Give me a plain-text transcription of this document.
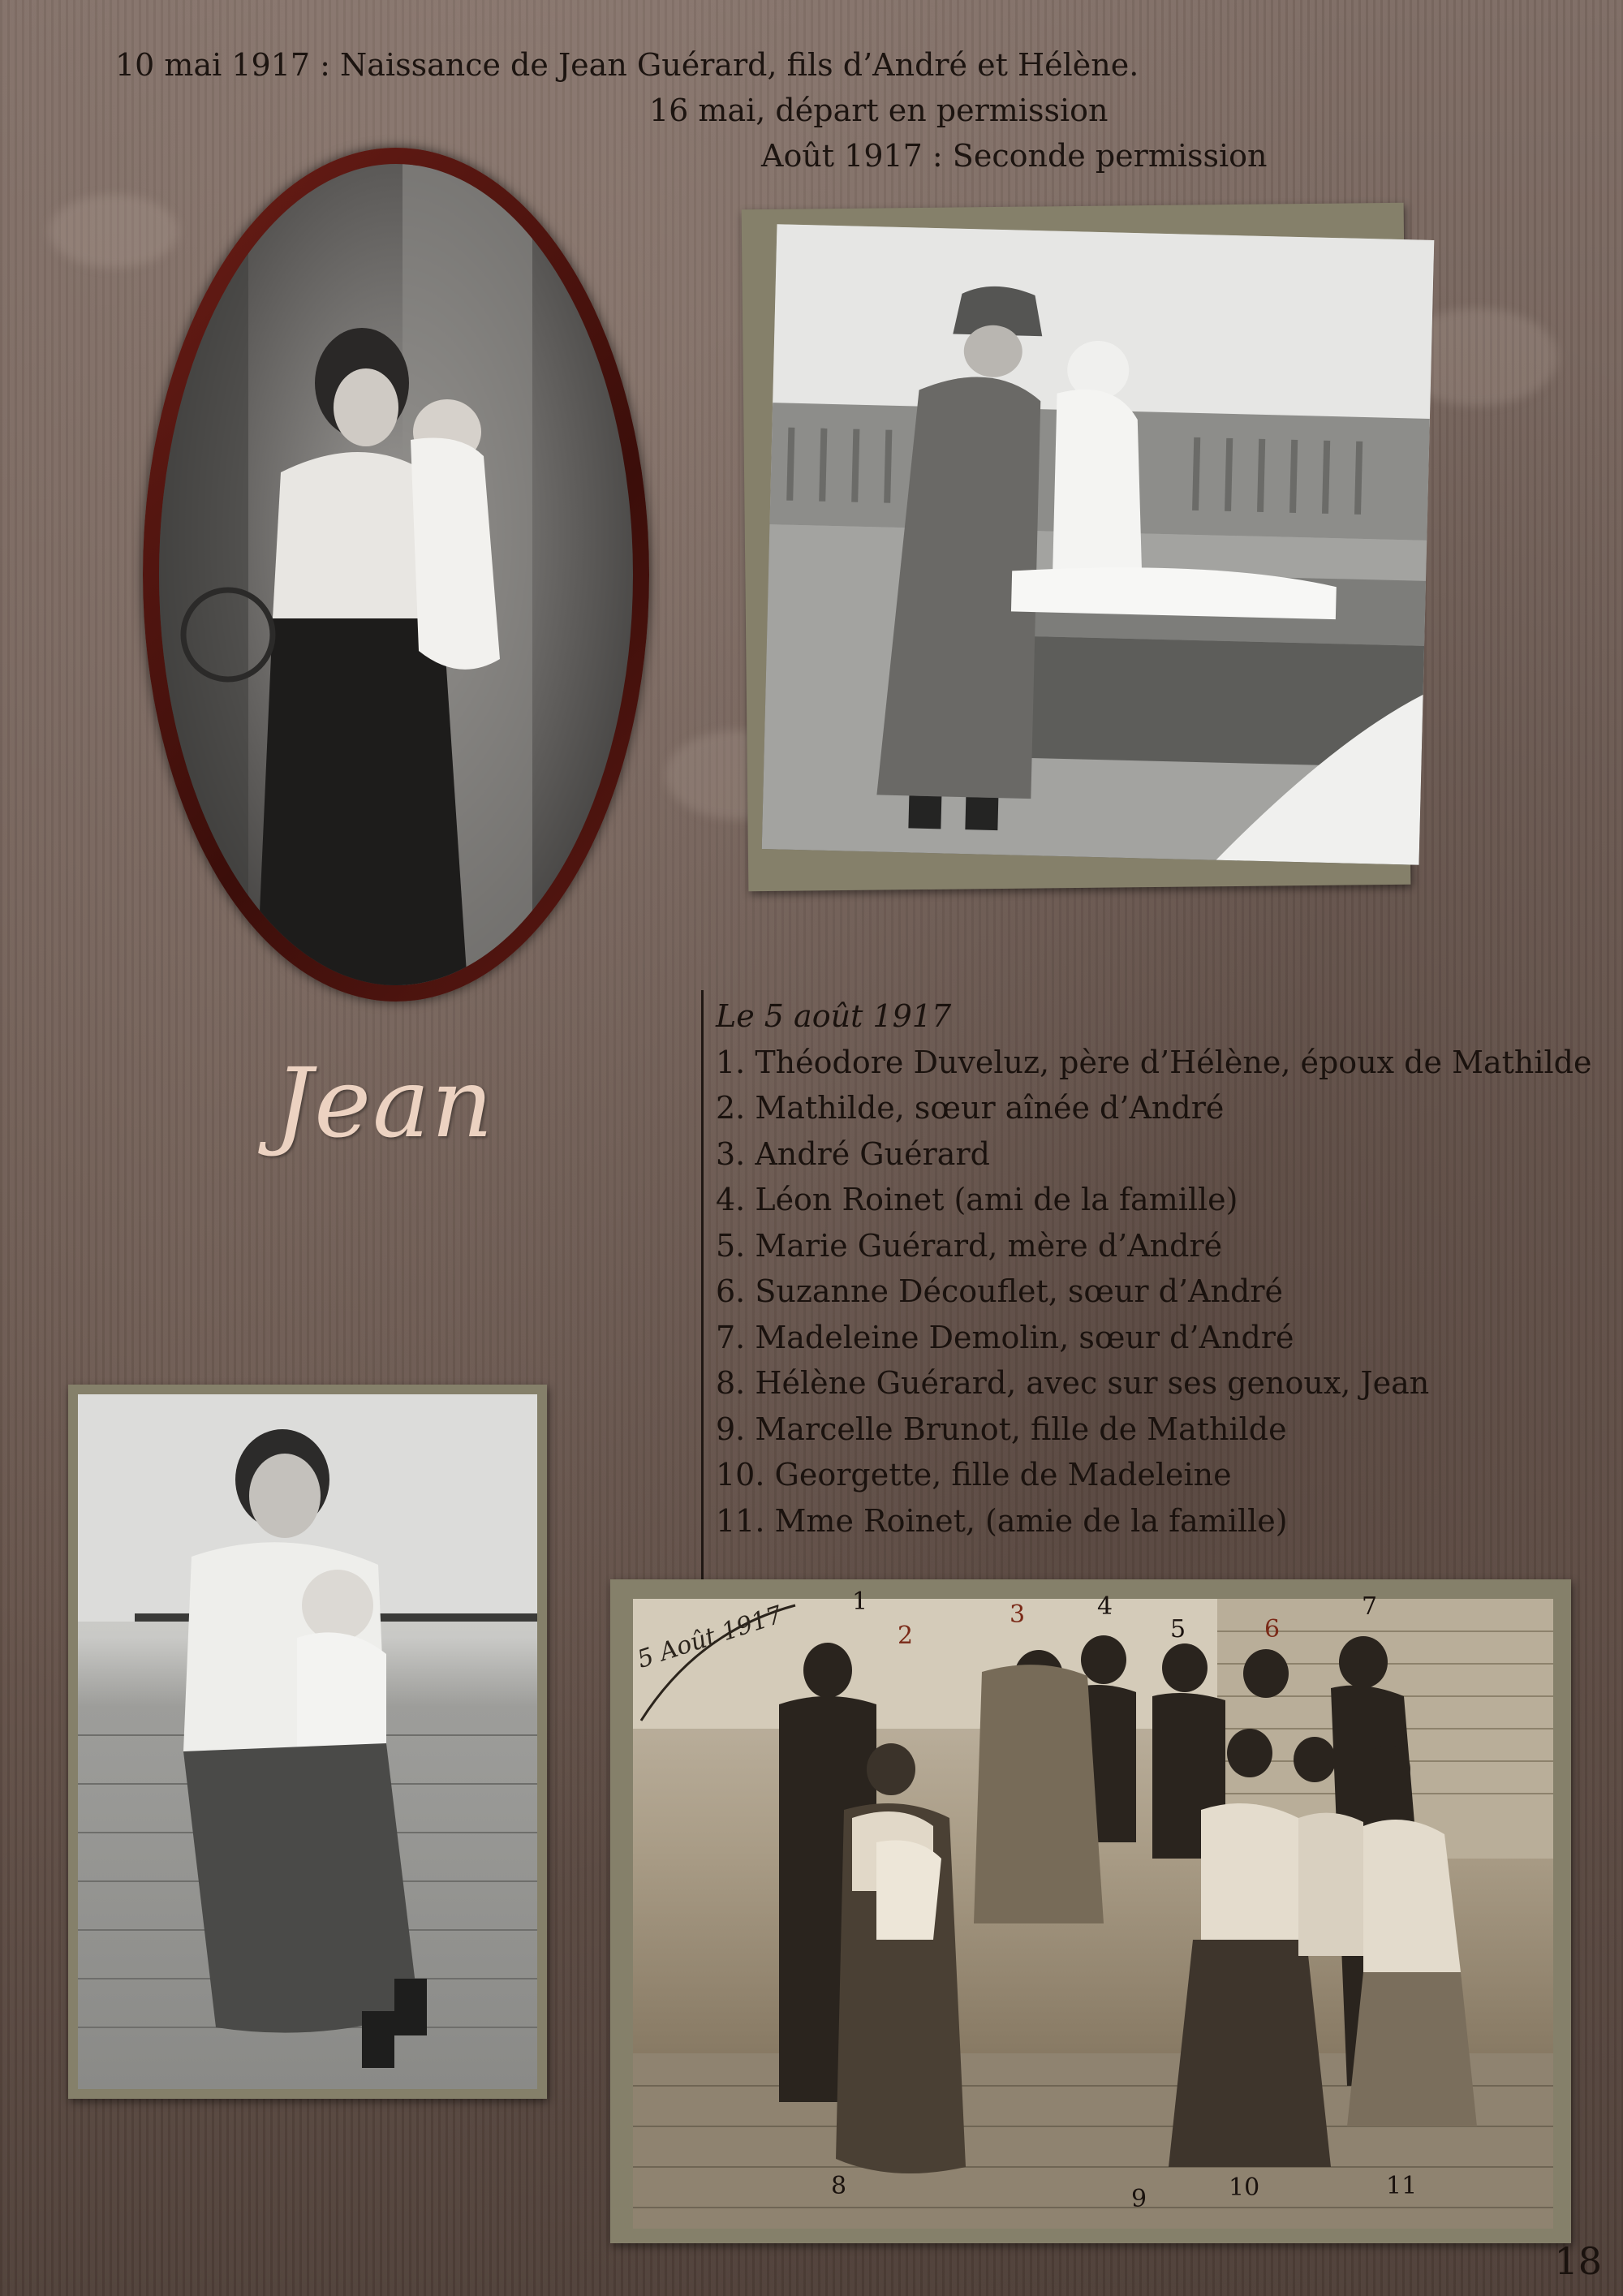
10 mai 1917 : Naissance de Jean Guérard, fils d’André et Hélène.
16 mai, départ en permission
Août 1917 : Seconde permission
Jean
Le 5 août 1917
1. Théodore Duveluz, père d’Hélène, époux de Mathilde
2. Mathilde, sœur aînée d’André
3. André Guérard
4. Léon Roinet (ami de la famille)
5. Marie Guérard, mère d’André
6. Suzanne Découflet, sœur d’André
7. Madeleine Demolin, sœur d’André
8. Hélène Guérard, avec sur ses genoux, Jean
9. Marcelle Brunot, fille de Mathilde
10. Georgette, fille de Madeleine
11. Mme Roinet, (amie de la famille)
1
2
3	4
5	6
7
8	9	10	11
5 Août 1917
18
